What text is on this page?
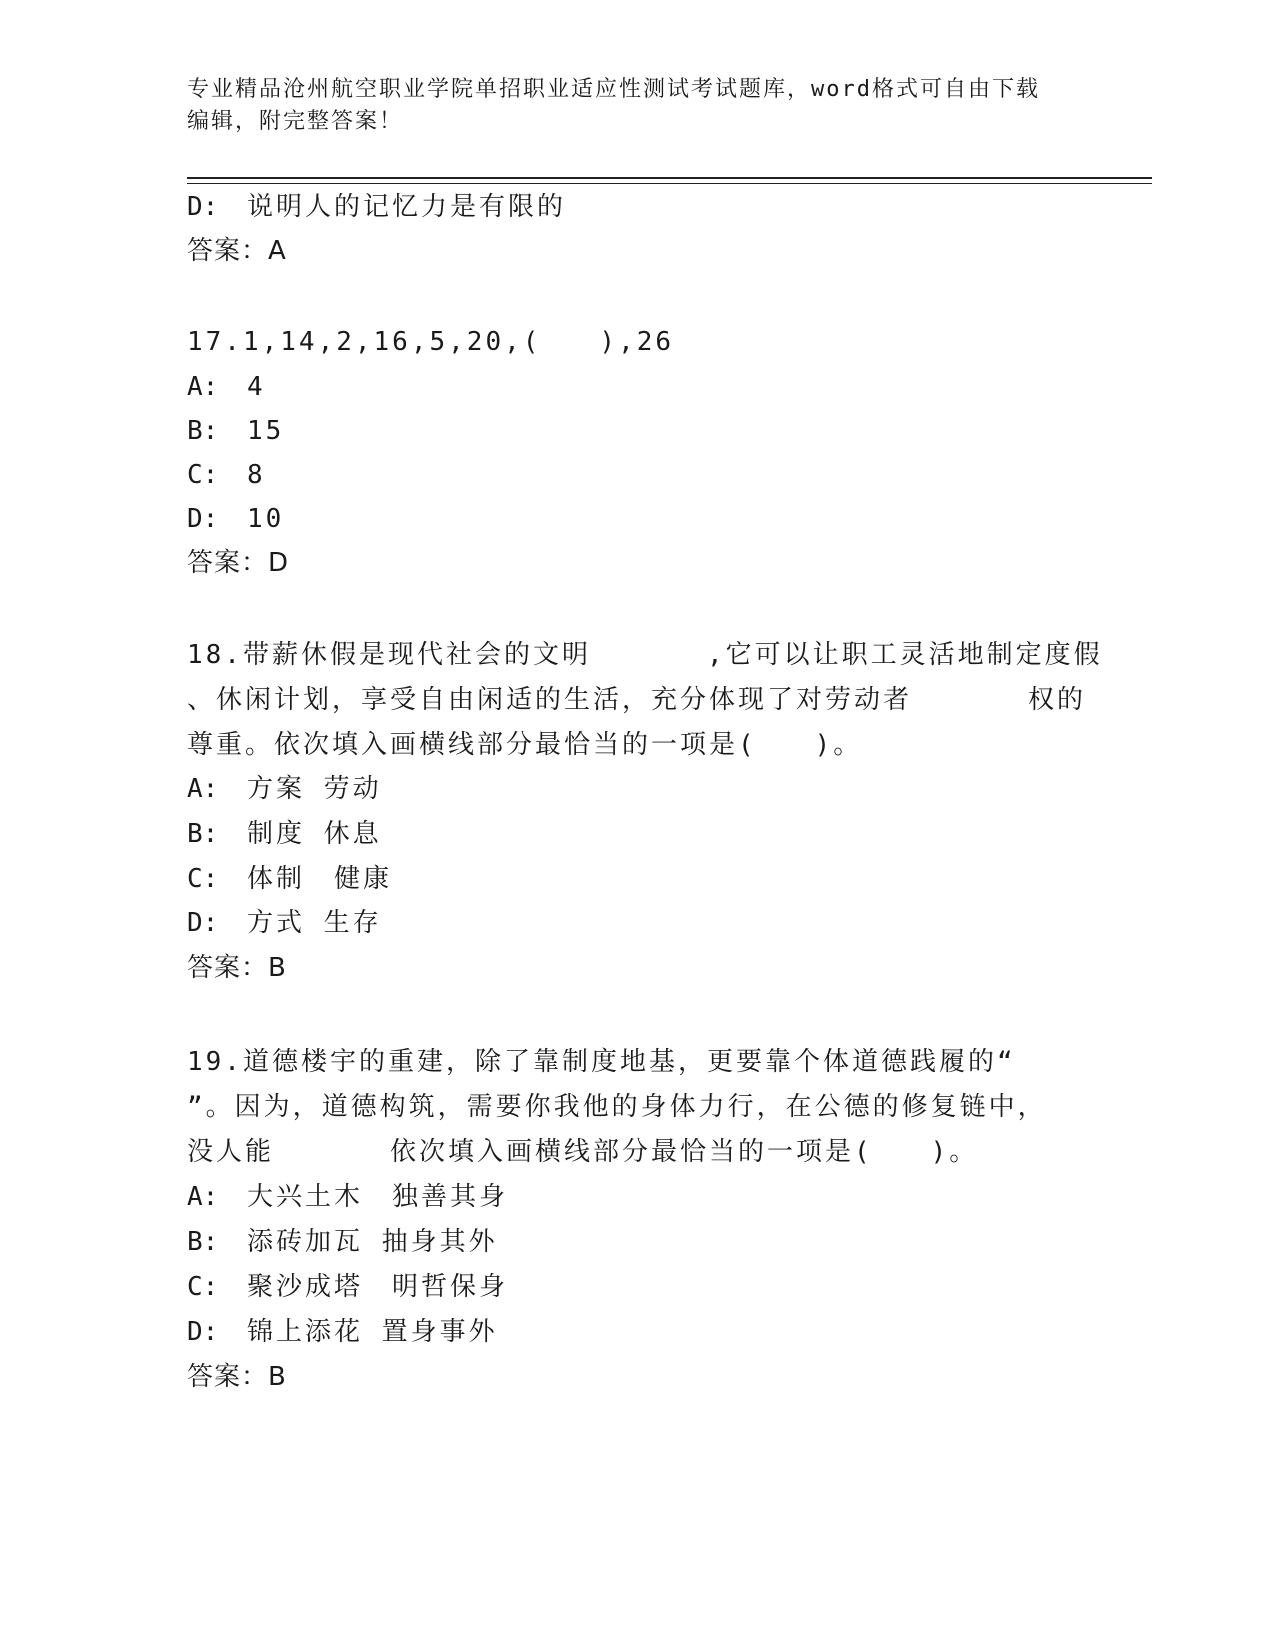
专业精品沧州航空职业学院单招职业适应性测试考试题库，word格式可自由下载
编辑，附完整答案！
D: 说明人的记忆力是有限的
答案：A
17.1,14,2,16,5,20,(　　),26
A: 4
B: 15
C: 8
D: 10
答案：D
18.带薪休假是现代社会的文明　　　　,它可以让职工灵活地制定度假
、休闲计划，享受自由闲适的生活，充分体现了对劳动者　　　　权的
尊重。依次填入画横线部分最恰当的一项是(　　)。
A: 方案 劳动
B: 制度 休息
C: 体制　健康
D: 方式 生存
答案：B
19.道德楼宇的重建，除了靠制度地基，更要靠个体道德践履的“
”。因为，道德构筑，需要你我他的身体力行，在公德的修复链中，
没人能　　　　依次填入画横线部分最恰当的一项是(　　)。
A: 大兴土木　独善其身
B: 添砖加瓦 抽身其外
C: 聚沙成塔　明哲保身
D: 锦上添花 置身事外
答案：B
